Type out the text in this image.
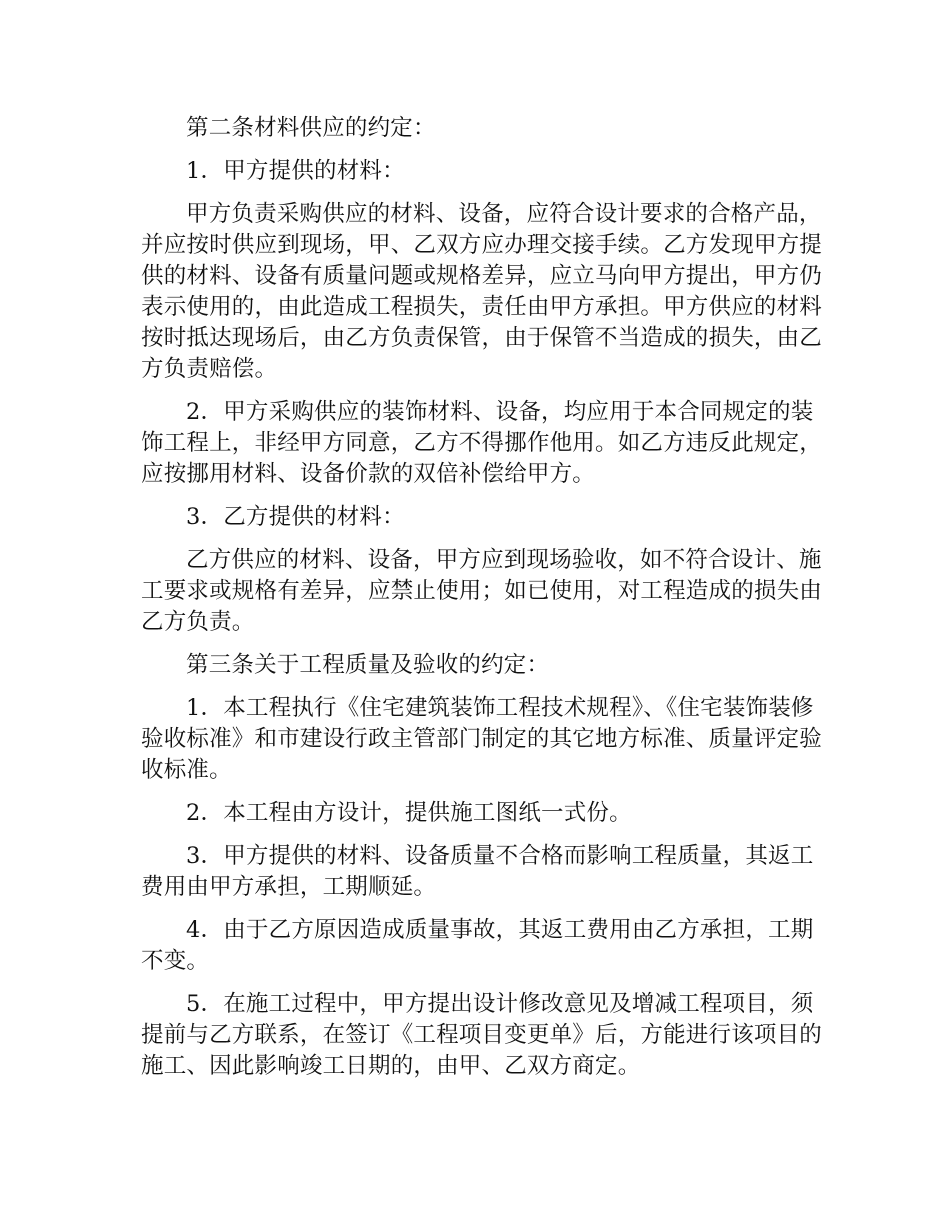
第二条材料供应的约定：

1．甲方提供的材料：

甲方负责采购供应的材料、设备，应符合设计要求的合格产品，并应按时供应到现场，甲、乙双方应办理交接手续。乙方发现甲方提供的材料、设备有质量问题或规格差异，应立马向甲方提出，甲方仍表示使用的，由此造成工程损失，责任由甲方承担。甲方供应的材料按时抵达现场后，由乙方负责保管，由于保管不当造成的损失，由乙方负责赔偿。

2．甲方采购供应的装饰材料、设备，均应用于本合同规定的装饰工程上，非经甲方同意，乙方不得挪作他用。如乙方违反此规定，应按挪用材料、设备价款的双倍补偿给甲方。

3．乙方提供的材料：

乙方供应的材料、设备，甲方应到现场验收，如不符合设计、施工要求或规格有差异，应禁止使用；如已使用，对工程造成的损失由乙方负责。

第三条关于工程质量及验收的约定：

1．本工程执行《住宅建筑装饰工程技术规程》、《住宅装饰装修验收标准》和市建设行政主管部门制定的其它地方标准、质量评定验收标准。

2．本工程由方设计，提供施工图纸一式份。

3．甲方提供的材料、设备质量不合格而影响工程质量，其返工费用由甲方承担，工期顺延。

4．由于乙方原因造成质量事故，其返工费用由乙方承担，工期不变。

5．在施工过程中，甲方提出设计修改意见及增减工程项目，须提前与乙方联系，在签订《工程项目变更单》后，方能进行该项目的施工、因此影响竣工日期的，由甲、乙双方商定。
